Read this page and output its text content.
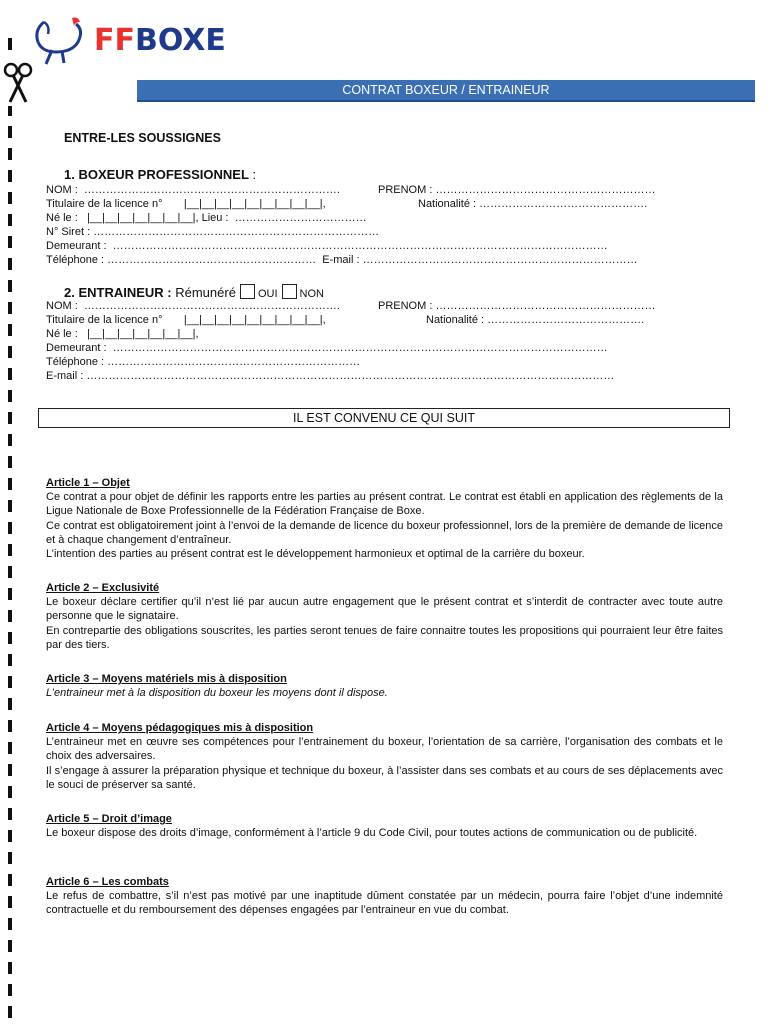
FFBOXE
CONTRAT BOXEUR / ENTRAINEUR
ENTRE-LES SOUSSIGNES
1. BOXEUR PROFESSIONNEL :
NOM :  …………………………………………………………….	PRENOM : ……………………………………………………
Titulaire de la licence n°       |__|__|__|__|__|__|__|__|__|,	Nationalité : ……………………………………….
Né le :   |__|__|__|__|__|__|__|, Lieu :  ………………………………
N° Siret : ……………………………………………………………………
Demeurant :  ………………………………………………………………………………………………………………………
Téléphone : …………………………………………………  E-mail : …………………………………………………………………
2. ENTRAINEUR : Rémunéré OUI NON
NOM :  …………………………………………………………….	PRENOM : ……………………………………………………
Titulaire de la licence n°       |__|__|__|__|__|__|__|__|__|,	Nationalité : …………………………………….
Né le :   |__|__|__|__|__|__|__|,
Demeurant :  ………………………………………………………………………………………………………………………
Téléphone : ……………………………………………………………
E-mail : ………………………………………………………………………………………………………………………………
IL EST CONVENU CE QUI SUIT
Article 1 – Objet

Ce contrat a pour objet de définir les rapports entre les parties au présent contrat. Le contrat est établi en application des règlements de la Ligue Nationale de Boxe Professionnelle de la Fédération Française de Boxe.

Ce contrat est obligatoirement joint à l’envoi de la demande de licence du boxeur professionnel, lors de la première de demande de licence et à chaque changement d’entraîneur.

L’intention des parties au présent contrat est le développement harmonieux et optimal de la carrière du boxeur.

Article 2 – Exclusivité

Le boxeur déclare certifier qu’il n’est lié par aucun autre engagement que le présent contrat et s’interdit de contracter avec toute autre personne que le signataire.

En contrepartie des obligations souscrites, les parties seront tenues de faire connaitre toutes les propositions qui pourraient leur être faites par des tiers.

Article 3 – Moyens matériels mis à disposition

L’entraineur met à la disposition du boxeur les moyens dont il dispose.

Article 4 – Moyens pédagogiques mis à disposition

L’entraineur met en œuvre ses compétences pour l’entrainement du boxeur, l’orientation de sa carrière, l’organisation des combats et le choix des adversaires.

Il s’engage à assurer la préparation physique et technique du boxeur, à l’assister dans ses combats et au cours de ses déplacements avec le souci de préserver sa santé.

Article 5 – Droit d’image

Le boxeur dispose des droits d’image, conformément à l’article 9 du Code Civil, pour toutes actions de communication ou de publicité.

Article 6 – Les combats

Le refus de combattre, s’il n’est pas motivé par une inaptitude dûment constatée par un médecin, pourra faire l’objet d’une indemnité contractuelle et du remboursement des dépenses engagées par l’entraineur en vue du combat.
